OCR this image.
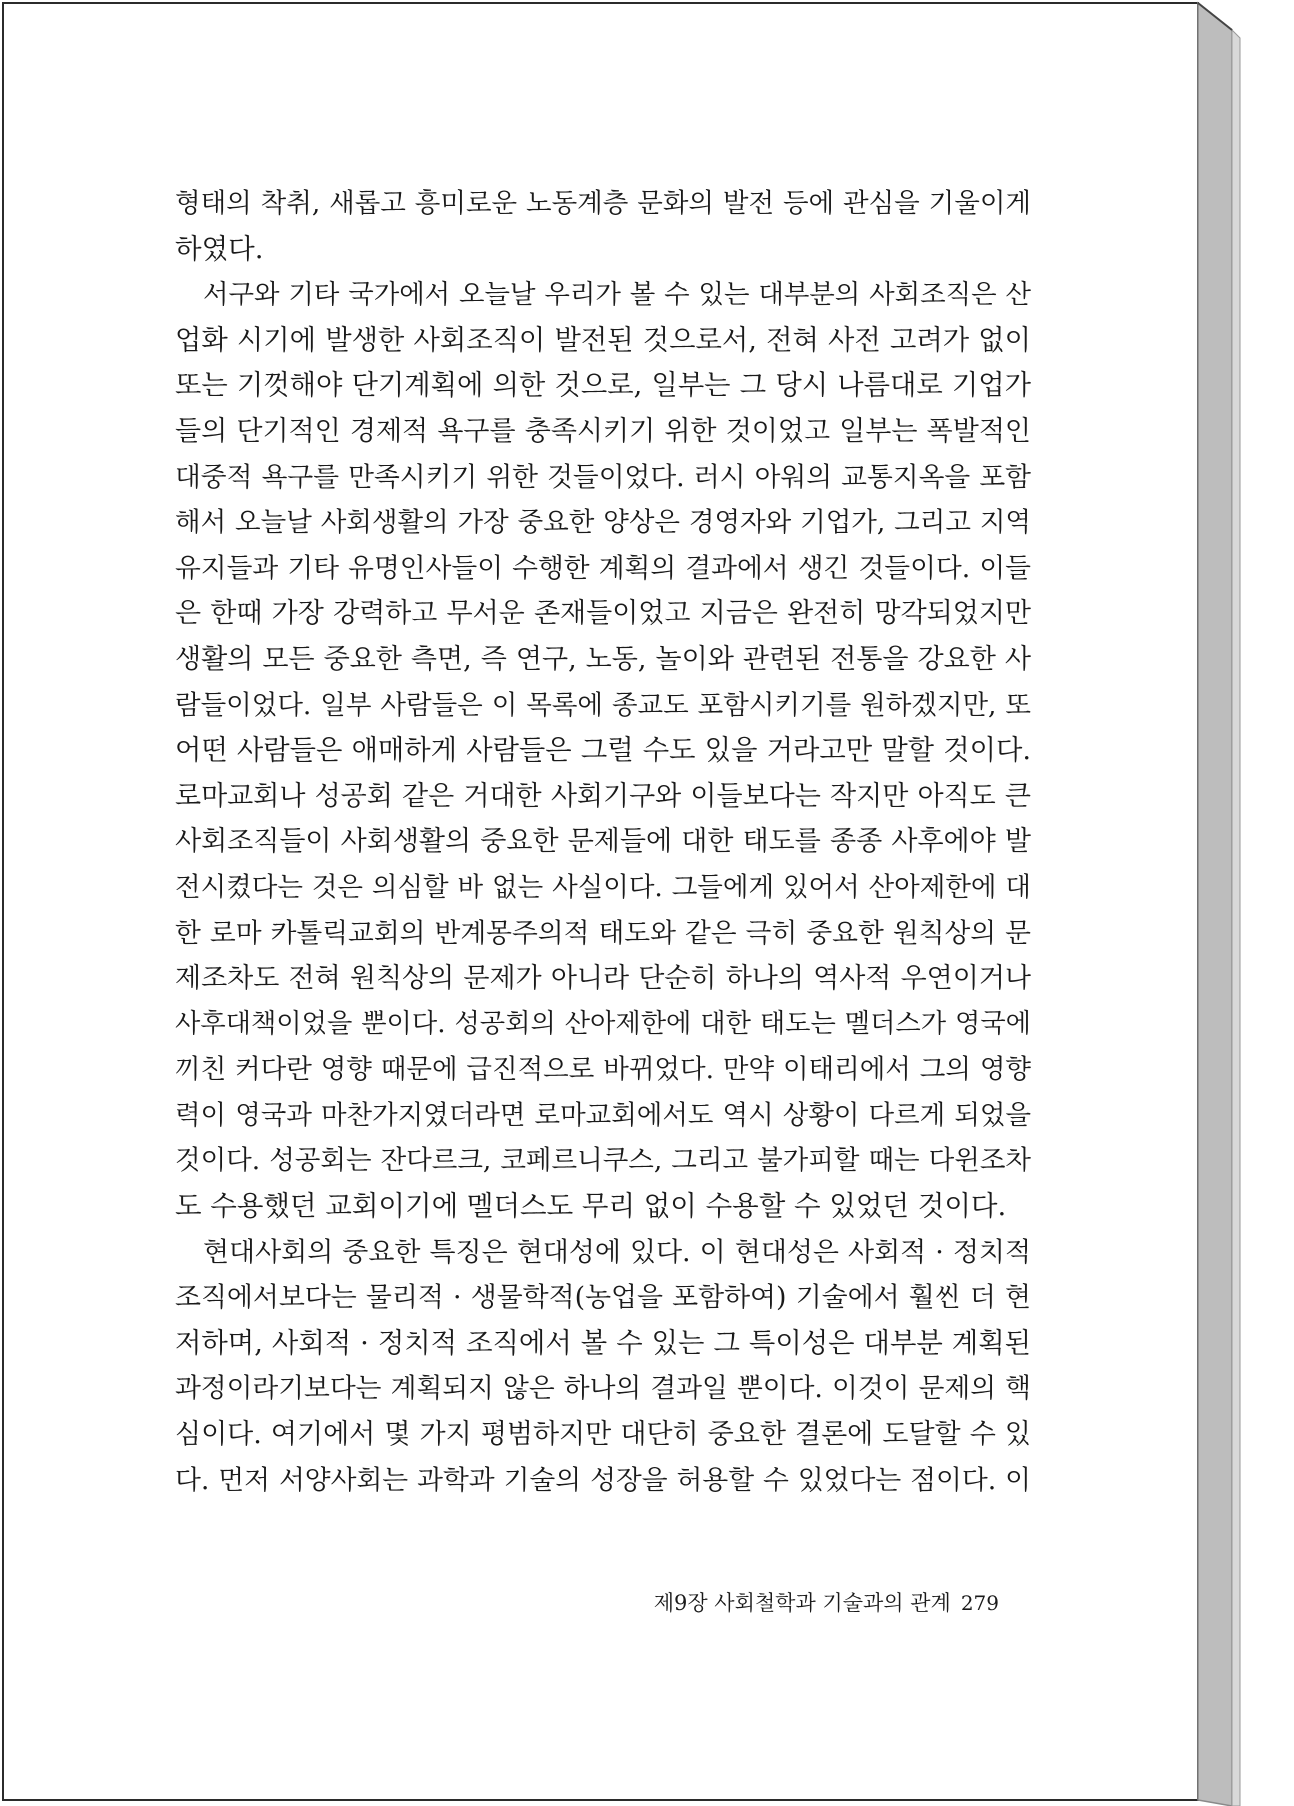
형태의 착취, 새롭고 흥미로운 노동계층 문화의 발전 등에 관심을 기울이게
하였다.
서구와 기타 국가에서 오늘날 우리가 볼 수 있는 대부분의 사회조직은 산
업화 시기에 발생한 사회조직이 발전된 것으로서, 전혀 사전 고려가 없이
또는 기껏해야 단기계획에 의한 것으로, 일부는 그 당시 나름대로 기업가
들의 단기적인 경제적 욕구를 충족시키기 위한 것이었고 일부는 폭발적인
대중적 욕구를 만족시키기 위한 것들이었다. 러시 아워의 교통지옥을 포함
해서 오늘날 사회생활의 가장 중요한 양상은 경영자와 기업가, 그리고 지역
유지들과 기타 유명인사들이 수행한 계획의 결과에서 생긴 것들이다. 이들
은 한때 가장 강력하고 무서운 존재들이었고 지금은 완전히 망각되었지만
생활의 모든 중요한 측면, 즉 연구, 노동, 놀이와 관련된 전통을 강요한 사
람들이었다. 일부 사람들은 이 목록에 종교도 포함시키기를 원하겠지만, 또
어떤 사람들은 애매하게 사람들은 그럴 수도 있을 거라고만 말할 것이다.
로마교회나 성공회 같은 거대한 사회기구와 이들보다는 작지만 아직도 큰
사회조직들이 사회생활의 중요한 문제들에 대한 태도를 종종 사후에야 발
전시켰다는 것은 의심할 바 없는 사실이다. 그들에게 있어서 산아제한에 대
한 로마 카톨릭교회의 반계몽주의적 태도와 같은 극히 중요한 원칙상의 문
제조차도 전혀 원칙상의 문제가 아니라 단순히 하나의 역사적 우연이거나
사후대책이었을 뿐이다. 성공회의 산아제한에 대한 태도는 멜더스가 영국에
끼친 커다란 영향 때문에 급진적으로 바뀌었다. 만약 이태리에서 그의 영향
력이 영국과 마찬가지였더라면 로마교회에서도 역시 상황이 다르게 되었을
것이다. 성공회는 잔다르크, 코페르니쿠스, 그리고 불가피할 때는 다윈조차
도 수용했던 교회이기에 멜더스도 무리 없이 수용할 수 있었던 것이다.
현대사회의 중요한 특징은 현대성에 있다. 이 현대성은 사회적 · 정치적
조직에서보다는 물리적 · 생물학적(농업을 포함하여) 기술에서 훨씬 더 현
저하며, 사회적 · 정치적 조직에서 볼 수 있는 그 특이성은 대부분 계획된
과정이라기보다는 계획되지 않은 하나의 결과일 뿐이다. 이것이 문제의 핵
심이다. 여기에서 몇 가지 평범하지만 대단히 중요한 결론에 도달할 수 있
다. 먼저 서양사회는 과학과 기술의 성장을 허용할 수 있었다는 점이다. 이
제9장 사회철학과 기술과의 관계 279
